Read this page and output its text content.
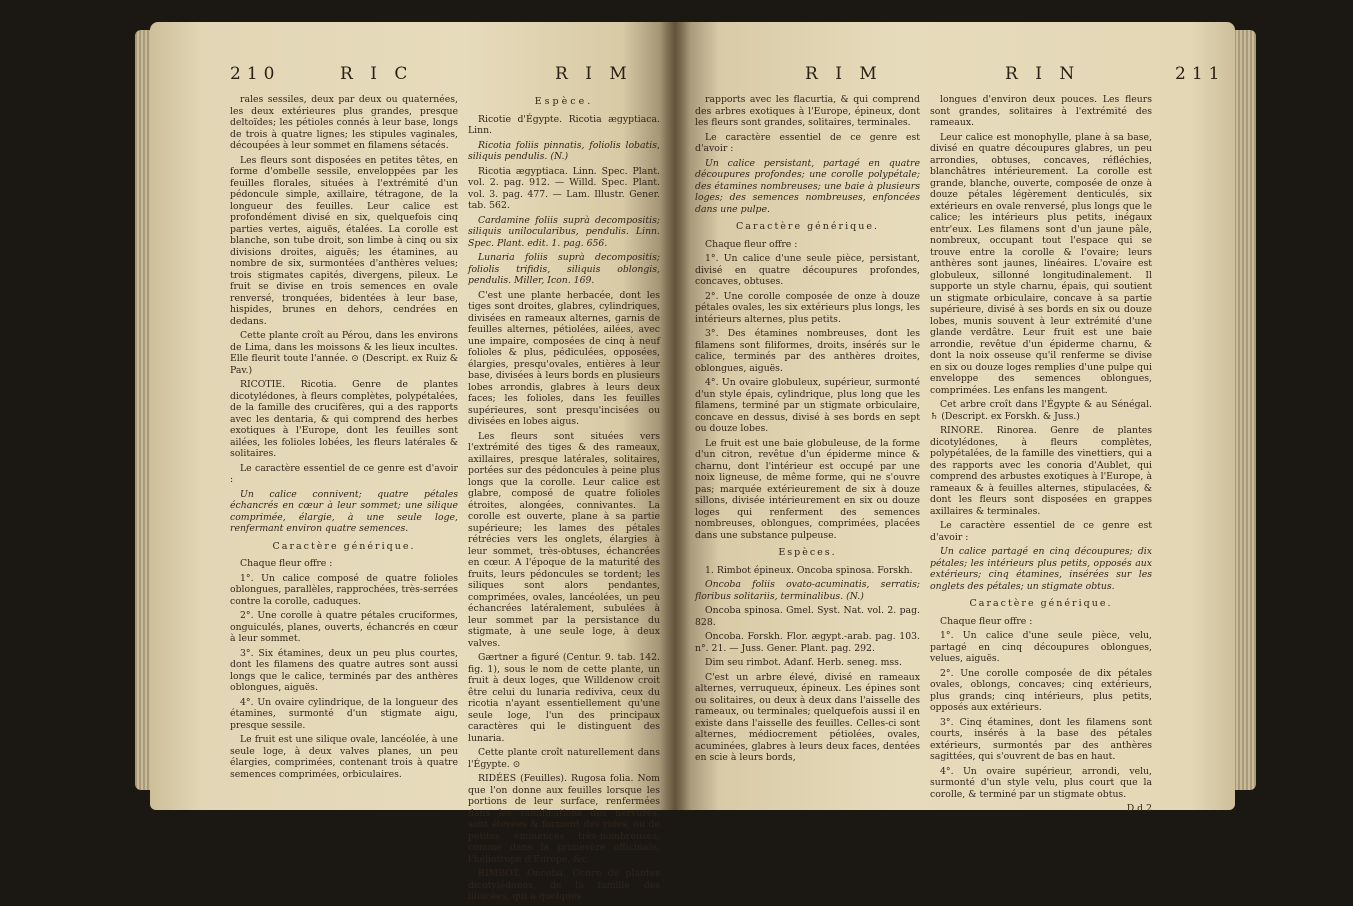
210	R I C	R I M

rales sessiles, deux par deux ou quaternées, les deux extérieures plus grandes, presque deltoïdes; les pétioles connés à leur base, longs de trois à quatre lignes; les stipules vaginales, découpées à leur sommet en filamens sétacés.

Les fleurs sont disposées en petites têtes, en forme d'ombelle sessile, enveloppées par les feuilles florales, situées à l'extrémité d'un pédoncule simple, axillaire, tétragone, de la longueur des feuilles. Leur calice est profondément divisé en six, quelquefois cinq parties vertes, aiguës, étalées. La corolle est blanche, son tube droit, son limbe à cinq ou six divisions droites, aiguës; les étamines, au nombre de six, surmontées d'anthères velues; trois stigmates capités, divergens, pileux. Le fruit se divise en trois semences en ovale renversé, tronquées, bidentées à leur base, hispides, brunes en dehors, cendrées en dedans.

Cette plante croît au Pérou, dans les environs de Lima, dans les moissons & les lieux incultes. Elle fleurit toute l'année. ⊙ (Descript. ex Ruiz & Pav.)

RICOTIE. Ricotia. Genre de plantes dicotylédones, à fleurs complètes, polypétalées, de la famille des crucifères, qui a des rapports avec les dentaria, & qui comprend des herbes exotiques à l'Europe, dont les feuilles sont ailées, les folioles lobées, les fleurs latérales & solitaires.

Le caractère essentiel de ce genre est d'avoir :

Un calice connivent; quatre pétales échancrés en cœur à leur sommet; une silique comprimée, élargie, à une seule loge, renfermant environ quatre semences.

Caractère générique.

Chaque fleur offre :

1°. Un calice composé de quatre folioles oblongues, parallèles, rapprochées, très-serrées contre la corolle, caduques.

2°. Une corolle à quatre pétales cruciformes, onguiculés, planes, ouverts, échancrés en cœur à leur sommet.

3°. Six étamines, deux un peu plus courtes, dont les filamens des quatre autres sont aussi longs que le calice, terminés par des anthères oblongues, aiguës.

4°. Un ovaire cylindrique, de la longueur des étamines, surmonté d'un stigmate aigu, presque sessile.

Le fruit est une silique ovale, lancéolée, à une seule loge, à deux valves planes, un peu élargies, comprimées, contenant trois à quatre semences comprimées, orbiculaires.

Espèce.

Ricotie d'Égypte. Ricotia ægyptiaca. Linn.

Ricotia foliis pinnatis, foliolis lobatis, siliquis pendulis. (N.)

Ricotia ægyptiaca. Linn. Spec. Plant. vol. 2. pag. 912. — Willd. Spec. Plant. vol. 3. pag. 477. — Lam. Illustr. Gener. tab. 562.

Cardamine foliis suprà decompositis; siliquis unilocularibus, pendulis. Linn. Spec. Plant. edit. 1. pag. 656.

Lunaria foliis suprà decompositis; foliolis trifidis, siliquis oblongis, pendulis. Miller, Icon. 169.

C'est une plante herbacée, dont les tiges sont droites, glabres, cylindriques, divisées en rameaux alternes, garnis de feuilles alternes, pétiolées, ailées, avec une impaire, composées de cinq à neuf folioles & plus, pédiculées, opposées, élargies, presqu'ovales, entières à leur base, divisées à leurs bords en plusieurs lobes arrondis, glabres à leurs deux faces; les folioles, dans les feuilles supérieures, sont presqu'incisées ou divisées en lobes aigus.

Les fleurs sont situées vers l'extrémité des tiges & des rameaux, axillaires, presque latérales, solitaires, portées sur des pédoncules à peine plus longs que la corolle. Leur calice est glabre, composé de quatre folioles étroites, alongées, connivantes. La corolle est ouverte, plane à sa partie supérieure; les lames des pétales rétrécies vers les onglets, élargies à leur sommet, très-obtuses, échancrées en cœur. A l'époque de la maturité des fruits, leurs pédoncules se tordent; les siliques sont alors pendantes, comprimées, ovales, lancéolées, un peu échancrées latéralement, subulées à leur sommet par la persistance du stigmate, à une seule loge, à deux valves.

Gærtner a figuré (Centur. 9. tab. 142. fig. 1), sous le nom de cette plante, un fruit à deux loges, que Willdenow croit être celui du lunaria rediviva, ceux du ricotia n'ayant essentiellement qu'une seule loge, l'un des principaux caractères qui le distinguent des lunaria.

Cette plante croît naturellement dans l'Égypte. ⊙

RIDÉES (Feuilles). Rugosa folia. Nom que l'on donne aux feuilles lorsque les portions de leur surface, renfermées dans les ramifications des nervures, sont élevées & forment des rides, ou de petites éminences très-nombreuses, comme dans la primevère officinale, l'héliotrope d'Europe, &c.

RIMBOT. Oncoba. Genre de plantes dicotylédones, de la famille des liliacées, qui a quelques

R I M	R I N	211

rapports avec les flacurtia, & qui comprend des arbres exotiques à l'Europe, épineux, dont les fleurs sont grandes, solitaires, terminales.

Le caractère essentiel de ce genre est d'avoir :

Un calice persistant, partagé en quatre découpures profondes; une corolle polypétale; des étamines nombreuses; une baie à plusieurs loges; des semences nombreuses, enfoncées dans une pulpe.

Caractère générique.

Chaque fleur offre :

1°. Un calice d'une seule pièce, persistant, divisé en quatre découpures profondes, concaves, obtuses.

2°. Une corolle composée de onze à douze pétales ovales, les six extérieurs plus longs, les intérieurs alternes, plus petits.

3°. Des étamines nombreuses, dont les filamens sont filiformes, droits, insérés sur le calice, terminés par des anthères droites, oblongues, aiguës.

4°. Un ovaire globuleux, supérieur, surmonté d'un style épais, cylindrique, plus long que les filamens, terminé par un stigmate orbiculaire, concave en dessus, divisé à ses bords en sept ou douze lobes.

Le fruit est une baie globuleuse, de la forme d'un citron, revêtue d'un épiderme mince & charnu, dont l'intérieur est occupé par une noix ligneuse, de même forme, qui ne s'ouvre pas; marquée extérieurement de six à douze sillons, divisée intérieurement en six ou douze loges qui renferment des semences nombreuses, oblongues, comprimées, placées dans une substance pulpeuse.

Espèces.

1. Rimbot épineux. Oncoba spinosa. Forskh.

Oncoba foliis ovato-acuminatis, serratis; floribus solitariis, terminalibus. (N.)

Oncoba spinosa. Gmel. Syst. Nat. vol. 2. pag. 828.

Oncoba. Forskh. Flor. ægypt.-arab. pag. 103. n°. 21. — Juss. Gener. Plant. pag. 292.

Dim seu rimbot. Adanf. Herb. seneg. mss.

C'est un arbre élevé, divisé en rameaux alternes, verruqueux, épineux. Les épines sont ou solitaires, ou deux à deux dans l'aisselle des rameaux, ou terminales; quelquefois aussi il en existe dans l'aisselle des feuilles. Celles-ci sont alternes, médiocrement pétiolées, ovales, acuminées, glabres à leurs deux faces, dentées en scie à leurs bords,

longues d'environ deux pouces. Les fleurs sont grandes, solitaires à l'extrémité des rameaux.

Leur calice est monophylle, plane à sa base, divisé en quatre découpures glabres, un peu arrondies, obtuses, concaves, réfléchies, blanchâtres intérieurement. La corolle est grande, blanche, ouverte, composée de onze à douze pétales légèrement denticulés, six extérieurs en ovale renversé, plus longs que le calice; les intérieurs plus petits, inégaux entr'eux. Les filamens sont d'un jaune pâle, nombreux, occupant tout l'espace qui se trouve entre la corolle & l'ovaire; leurs anthères sont jaunes, linéaires. L'ovaire est globuleux, sillonné longitudinalement. Il supporte un style charnu, épais, qui soutient un stigmate orbiculaire, concave à sa partie supérieure, divisé à ses bords en six ou douze lobes, munis souvent à leur extrémité d'une glande verdâtre. Leur fruit est une baie arrondie, revêtue d'un épiderme charnu, & dont la noix osseuse qu'il renferme se divise en six ou douze loges remplies d'une pulpe qui enveloppe des semences oblongues, comprimées. Les enfans les mangent.

Cet arbre croît dans l'Égypte & au Sénégal. ♄ (Descript. ex Forskh. & Juss.)

RINORE. Rinorea. Genre de plantes dicotylédones, à fleurs complètes, polypétalées, de la famille des vinettiers, qui a des rapports avec les conoria d'Aublet, qui comprend des arbustes exotiques à l'Europe, à rameaux & à feuilles alternes, stipulacées, & dont les fleurs sont disposées en grappes axillaires & terminales.

Le caractère essentiel de ce genre est d'avoir :

Un calice partagé en cinq découpures; dix pétales; les intérieurs plus petits, opposés aux extérieurs; cinq étamines, insérées sur les onglets des pétales; un stigmate obtus.

Caractère générique.

Chaque fleur offre :

1°. Un calice d'une seule pièce, velu, partagé en cinq découpures oblongues, velues, aiguës.

2°. Une corolle composée de dix pétales ovales, oblongs, concaves; cinq extérieurs, plus grands; cinq intérieurs, plus petits, opposés aux extérieurs.

3°. Cinq étamines, dont les filamens sont courts, insérés à la base des pétales extérieurs, surmontés par des anthères sagittées, qui s'ouvrent de bas en haut.

4°. Un ovaire supérieur, arrondi, velu, surmonté d'un style velu, plus court que la corolle, & terminé par un stigmate obtus.

D d 2
